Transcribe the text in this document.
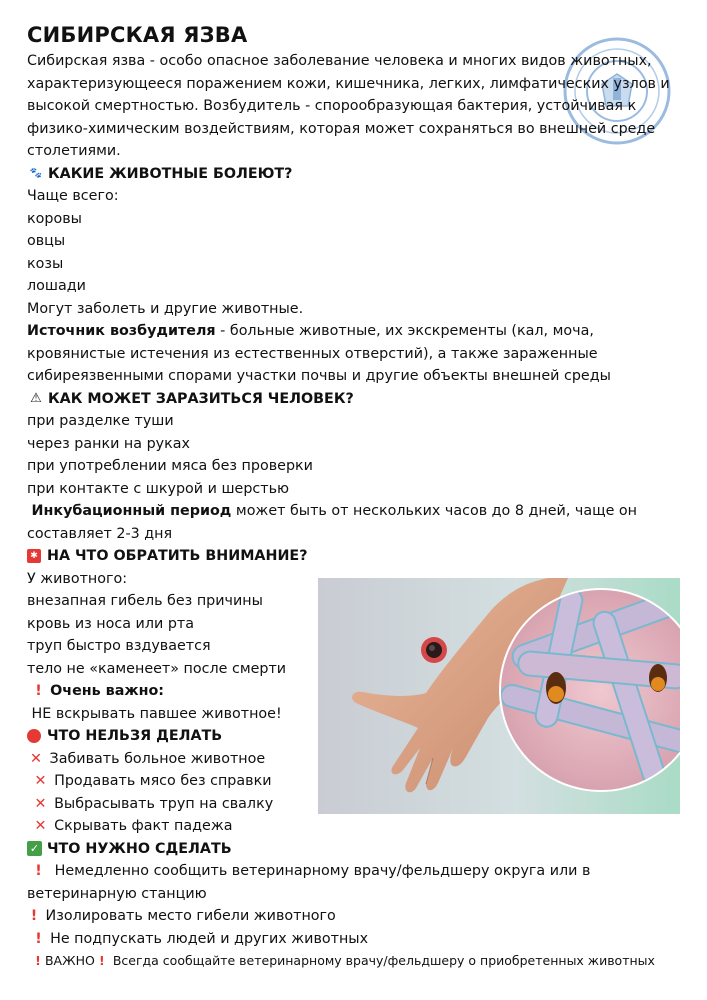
СИБИРСКАЯ ЯЗВА

Сибирская язва - особо опасное заболевание человека и многих видов животных, характеризующееся поражением кожи, кишечника, легких, лимфатических узлов и высокой смертностью. Возбудитель - спорообразующая бактерия, устойчивая к физико-химическим воздействиям, которая может сохраняться во внешней среде столетиями.

🐾 КАКИЕ ЖИВОТНЫЕ БОЛЕЮТ?
Чаще всего:
коровы
овцы
козы
лошади
Могут заболеть и другие животные.

Источник возбудителя - больные животные, их экскременты (кал, моча, кровянистые истечения из естественных отверстий), а также зараженные сибиреязвенными спорами участки почвы и другие объекты внешней среды

⚠ КАК МОЖЕТ ЗАРАЗИТЬСЯ ЧЕЛОВЕК?
при разделке туши
через ранки на руках
при употреблении мяса без проверки
при контакте с шкурой и шерстью

Инкубационный период может быть от нескольких часов до 8 дней, чаще он составляет 2-3 дня

✱ НА ЧТО ОБРАТИТЬ ВНИМАНИЕ?
У животного:
внезапная гибель без причины
кровь из носа или рта
труп быстро вздувается
тело не «каменеет» после смерти
! Очень важно:
НЕ вскрывать павшее животное!
ЧТО НЕЛЬЗЯ ДЕЛАТЬ
✕ Забивать больное животное
✕ Продавать мясо без справки
✕ Выбрасывать труп на свалку
✕ Скрывать факт падежа
✓ ЧТО НУЖНО СДЕЛАТЬ

! Немедленно сообщить ветеринарному врачу/фельдшеру округа или в ветеринарную станцию

! Изолировать место гибели животного
! Не подпускать людей и других животных

! ВАЖНО ! Всегда сообщайте ветеринарному врачу/фельдшеру о приобретенных животных
